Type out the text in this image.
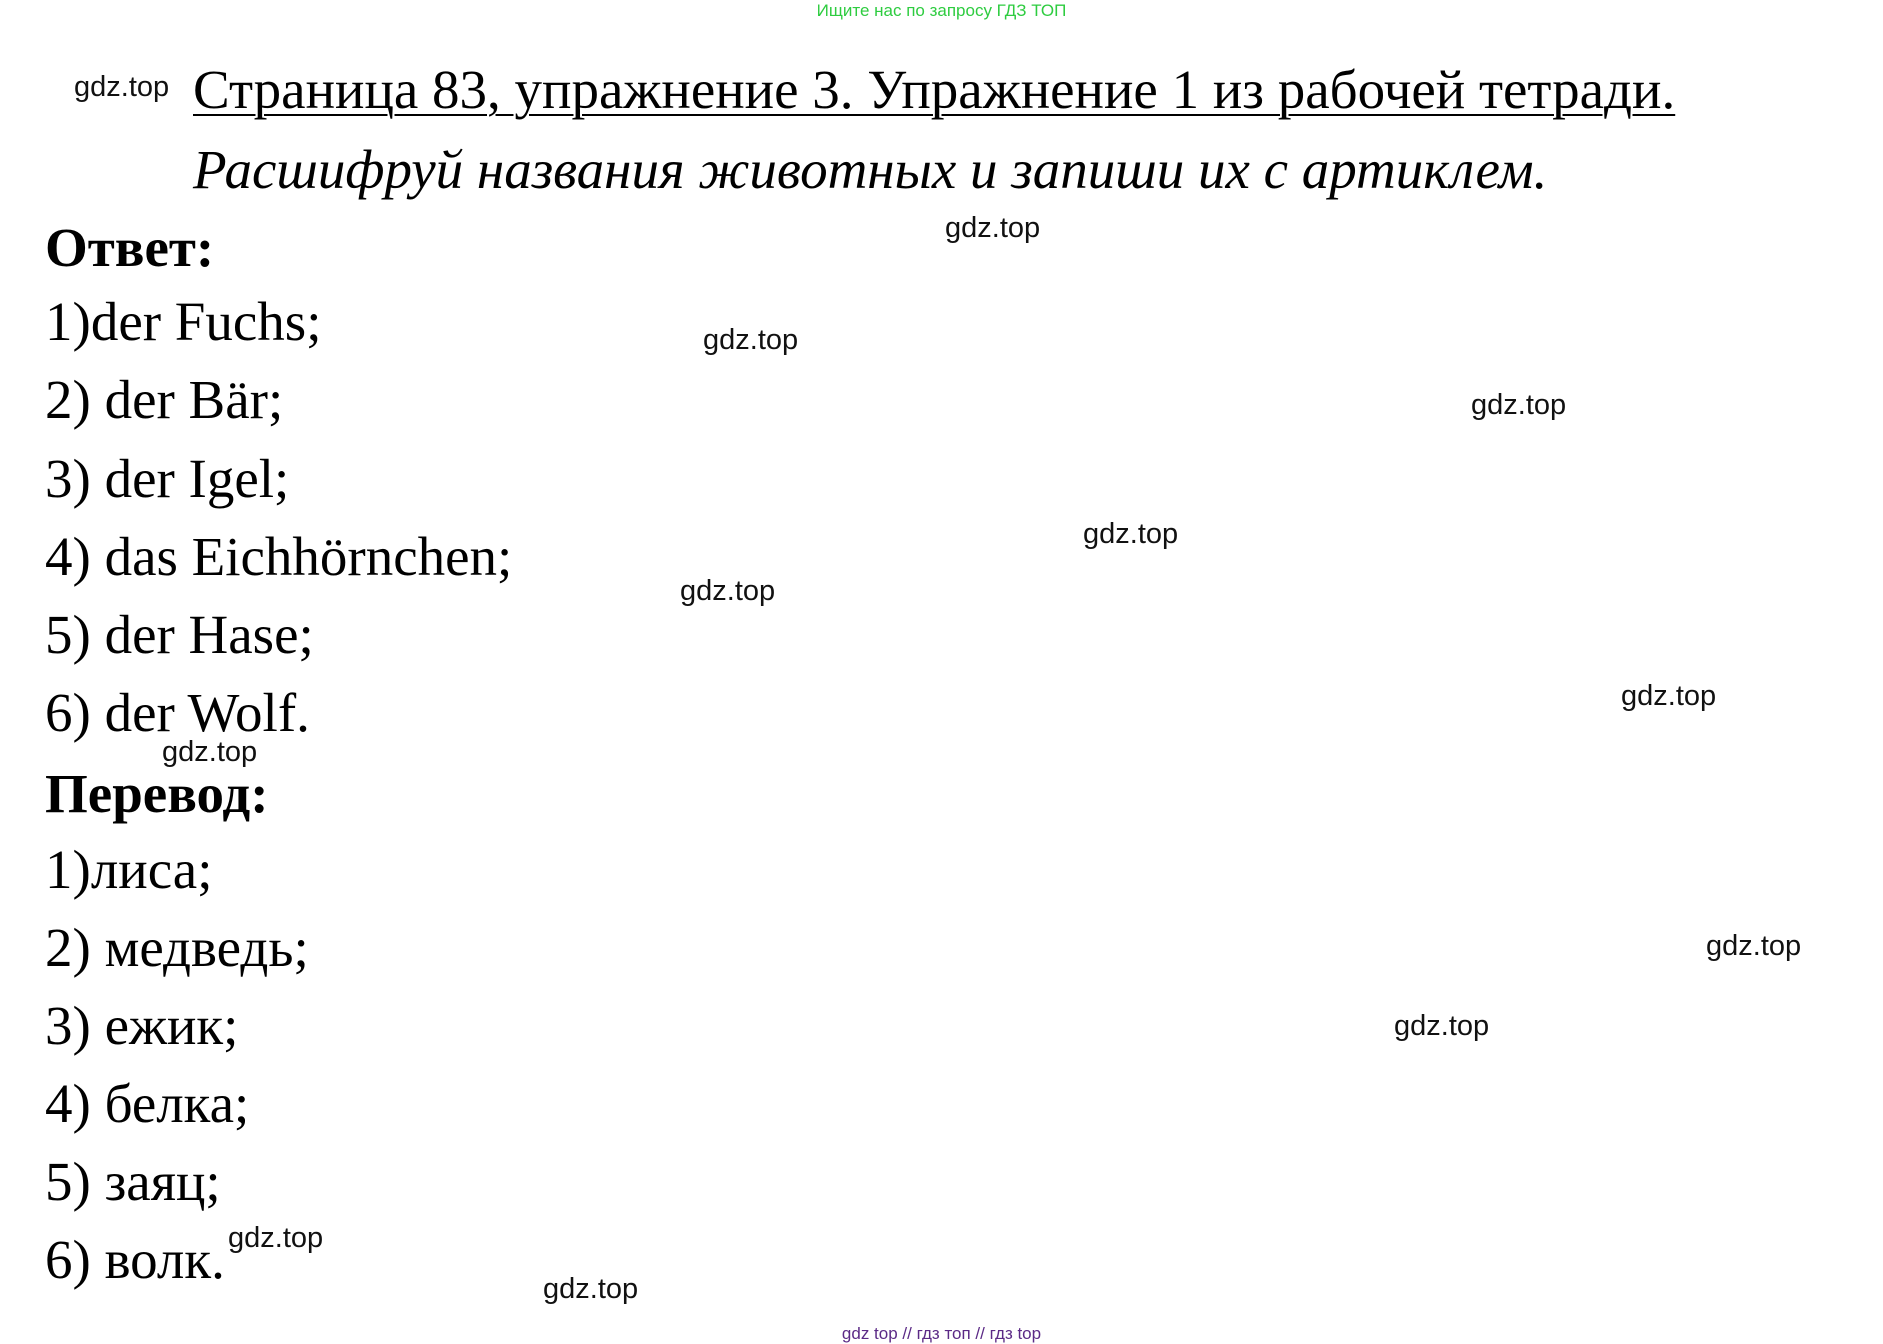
Ищите нас по запросу ГДЗ ТОП
Страница 83, упражнение 3. Упражнение 1 из рабочей тетради.
Расшифруй названия животных и запиши их с артиклем.
Ответ:
1)der Fuchs;
2) der Bär;
3) der Igel;
4) das Eichhörnchen;
5) der Hase;
6) der Wolf.
Перевод:
1)лиса;
2) медведь;
3) ежик;
4) белка;
5) заяц;
6) волк.
gdz.top
gdz.top
gdz.top
gdz.top
gdz.top
gdz.top
gdz.top
gdz.top
gdz.top
gdz.top
gdz.top
gdz.top
gdz top // гдз топ // гдз top
